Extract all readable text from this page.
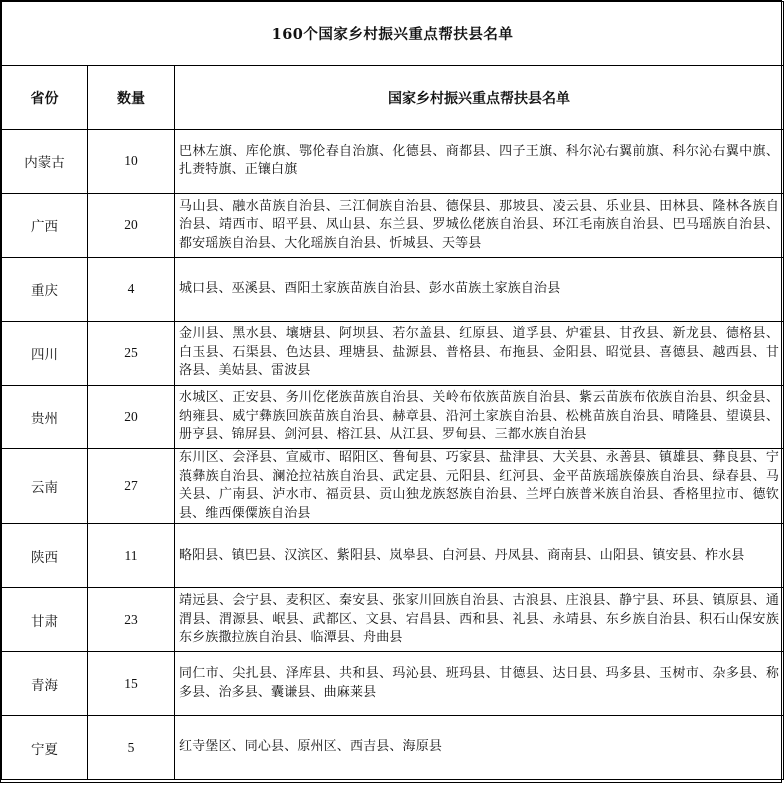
160个国家乡村振兴重点帮扶县名单		
省份	数量	国家乡村振兴重点帮扶县名单
内蒙古	10	巴林左旗、库伦旗、鄂伦春自治旗、化德县、商都县、四子王旗、科尔沁右翼前旗、科尔沁右翼中旗、扎赉特旗、正镶白旗
广西	20	马山县、融水苗族自治县、三江侗族自治县、德保县、那坡县、凌云县、乐业县、田林县、隆林各族自治县、靖西市、昭平县、凤山县、东兰县、罗城仫佬族自治县、环江毛南族自治县、巴马瑶族自治县、都安瑶族自治县、大化瑶族自治县、忻城县、天等县
重庆	4	城口县、巫溪县、酉阳土家族苗族自治县、彭水苗族土家族自治县
四川	25	金川县、黑水县、壤塘县、阿坝县、若尔盖县、红原县、道孚县、炉霍县、甘孜县、新龙县、德格县、白玉县、石渠县、色达县、理塘县、盐源县、普格县、布拖县、金阳县、昭觉县、喜德县、越西县、甘洛县、美姑县、雷波县
贵州	20	水城区、正安县、务川仡佬族苗族自治县、关岭布依族苗族自治县、紫云苗族布依族自治县、织金县、纳雍县、威宁彝族回族苗族自治县、赫章县、沿河土家族自治县、松桃苗族自治县、晴隆县、望谟县、册亨县、锦屏县、剑河县、榕江县、从江县、罗甸县、三都水族自治县
云南	27	东川区、会泽县、宣威市、昭阳区、鲁甸县、巧家县、盐津县、大关县、永善县、镇雄县、彝良县、宁蒗彝族自治县、澜沧拉祜族自治县、武定县、元阳县、红河县、金平苗族瑶族傣族自治县、绿春县、马关县、广南县、泸水市、福贡县、贡山独龙族怒族自治县、兰坪白族普米族自治县、香格里拉市、德钦县、维西傈僳族自治县
陕西	11	略阳县、镇巴县、汉滨区、紫阳县、岚皋县、白河县、丹凤县、商南县、山阳县、镇安县、柞水县
甘肃	23	靖远县、会宁县、麦积区、秦安县、张家川回族自治县、古浪县、庄浪县、静宁县、环县、镇原县、通渭县、渭源县、岷县、武都区、文县、宕昌县、西和县、礼县、永靖县、东乡族自治县、积石山保安族东乡族撒拉族自治县、临潭县、舟曲县
青海	15	同仁市、尖扎县、泽库县、共和县、玛沁县、班玛县、甘德县、达日县、玛多县、玉树市、杂多县、称多县、治多县、囊谦县、曲麻莱县
宁夏	5	红寺堡区、同心县、原州区、西吉县、海原县
